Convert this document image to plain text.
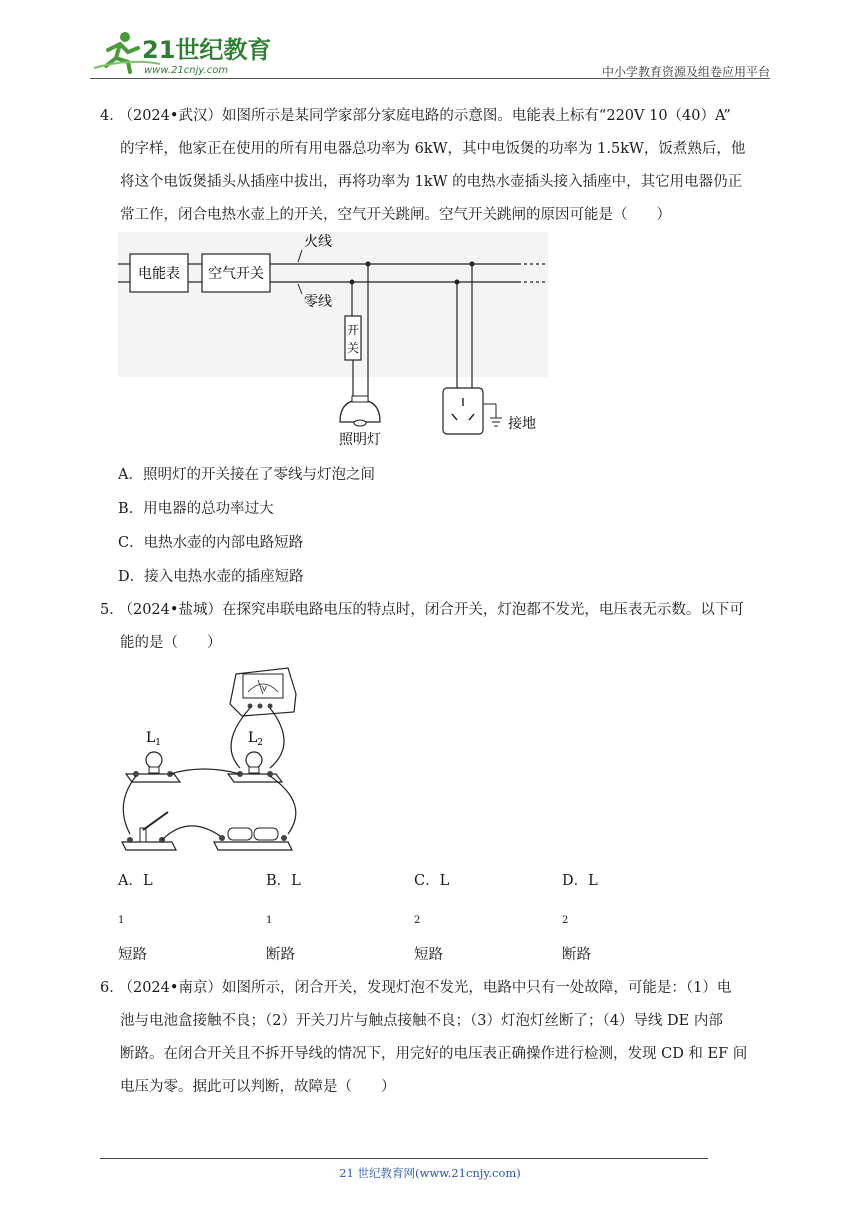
21世纪教育
www.21cnjy.com	中小学教育资源及组卷应用平台
4． （2024•武汉）如图所示是某同学家部分家庭电路的示意图。电能表上标有“220V 10（40）A”
的字样，他家正在使用的所有用电器总功率为 6kW，其中电饭煲的功率为 1.5kW，饭煮熟后，他
将这个电饭煲插头从插座中拔出，再将功率为 1kW 的电热水壶插头接入插座中，其它用电器仍正
常工作，闭合电热水壶上的开关，空气开关跳闸。空气开关跳闸的原因可能是（　　）
电能表 空气开关
火线
零线
开
关
照明灯
接地
A．照明灯的开关接在了零线与灯泡之间
B．用电器的总功率过大
C．电热水壶的内部电路短路
D．接入电热水壶的插座短路
5． （2024•盐城）在探究串联电路电压的特点时，闭合开关，灯泡都不发光，电压表无示数。以下可
能的是（　　）
V
$L_1$	$L_2$
A．$L_1$短路
B．$L_1$断路
C．$L_2$短路
D．$L_2$断路
6． （2024•南京）如图所示，闭合开关，发现灯泡不发光，电路中只有一处故障，可能是：（1）电
池与电池盒接触不良；（2）开关刀片与触点接触不良；（3）灯泡灯丝断了；（4）导线 DE 内部
断路。在闭合开关且不拆开导线的情况下，用完好的电压表正确操作进行检测，发现 CD 和 EF 间
电压为零。据此可以判断，故障是（　　）
21 世纪教育网(www.21cnjy.com)
